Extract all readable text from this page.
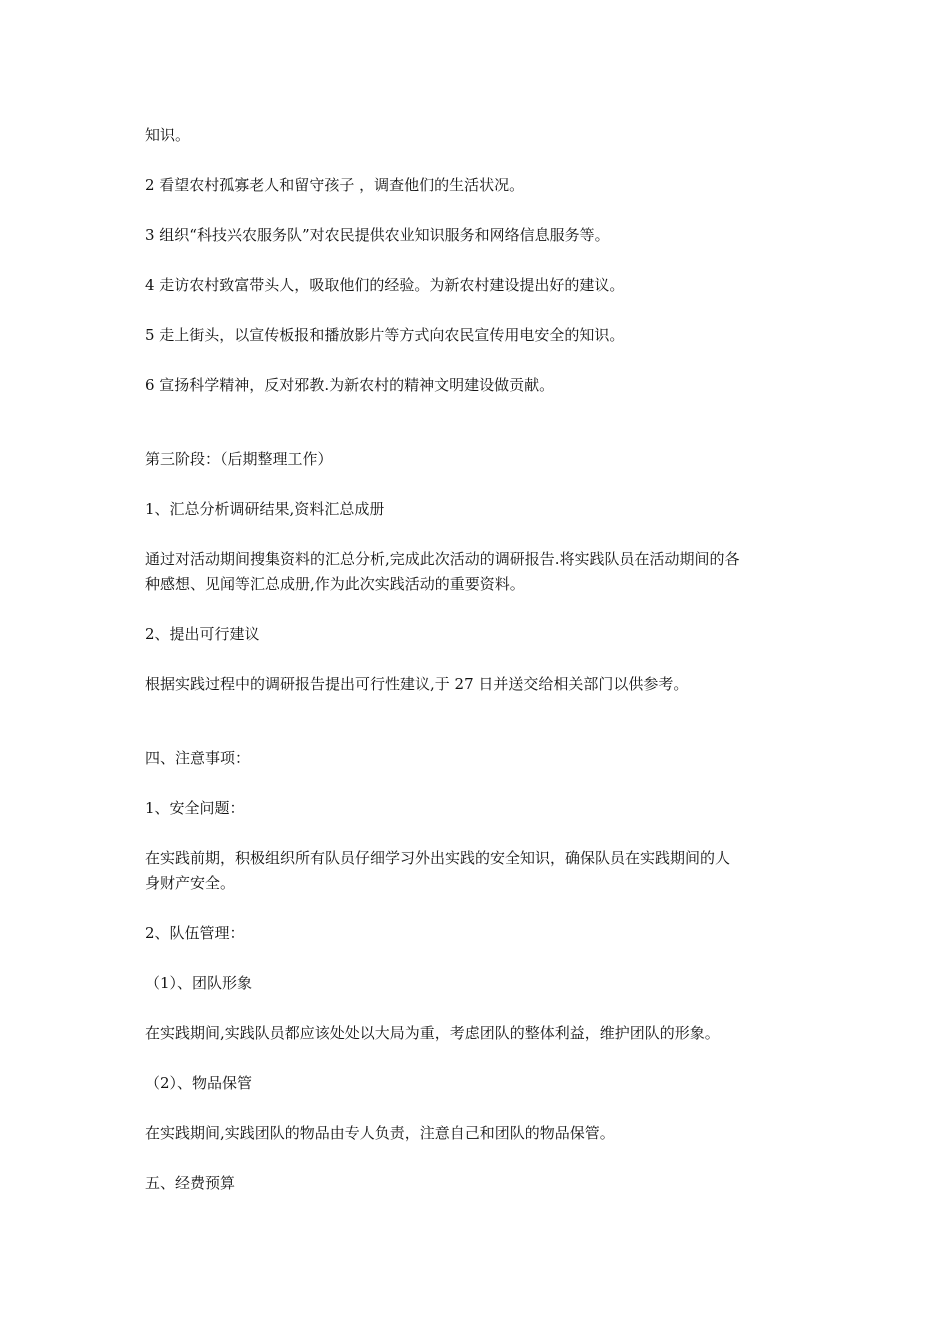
知识。
2 看望农村孤寡老人和留守孩子 ，调查他们的生活状况。
3 组织“科技兴农服务队”对农民提供农业知识服务和网络信息服务等。
4 走访农村致富带头人，吸取他们的经验。为新农村建设提出好的建议。
5 走上街头，以宣传板报和播放影片等方式向农民宣传用电安全的知识。
6 宣扬科学精神，反对邪教.为新农村的精神文明建设做贡献。
第三阶段：（后期整理工作）
1、汇总分析调研结果,资料汇总成册
通过对活动期间搜集资料的汇总分析,完成此次活动的调研报告.将实践队员在活动期间的各
种感想、见闻等汇总成册,作为此次实践活动的重要资料。
2、提出可行建议
根据实践过程中的调研报告提出可行性建议,于 27 日并送交给相关部门以供参考。
四、注意事项：
1、安全问题：
在实践前期，积极组织所有队员仔细学习外出实践的安全知识，确保队员在实践期间的人
身财产安全。
2、队伍管理：
（1）、团队形象
在实践期间,实践队员都应该处处以大局为重，考虑团队的整体利益，维护团队的形象。
（2）、物品保管
在实践期间,实践团队的物品由专人负责，注意自己和团队的物品保管。
五、经费预算
